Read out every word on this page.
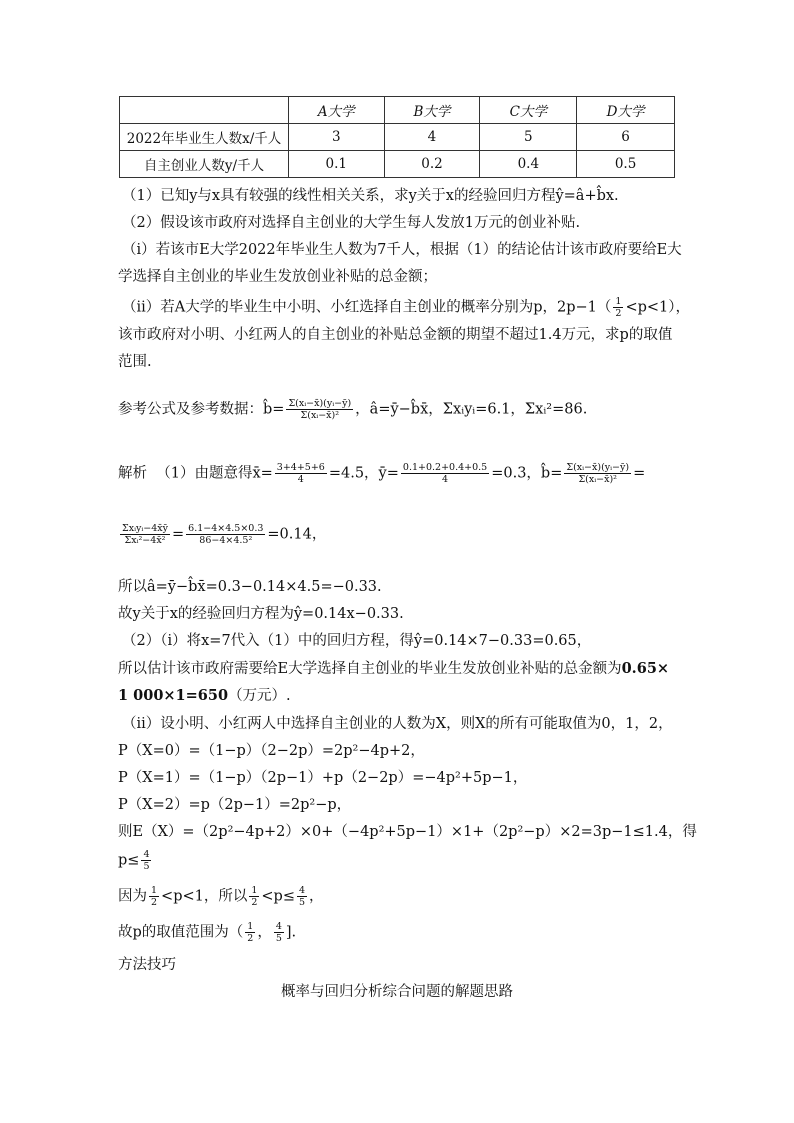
	A大学	B大学	C大学	D大学
2022年毕业生人数x/千人	3	4	5	6
自主创业人数y/千人	0.1	0.2	0.4	0.5
（1）已知y与x具有较强的线性相关关系，求y关于x的经验回归方程ŷ=â+b̂x.
（2）假设该市政府对选择自主创业的大学生每人发放1万元的创业补贴.
（i）若该市E大学2022年毕业生人数为7千人，根据（1）的结论估计该市政府要给E大
学选择自主创业的毕业生发放创业补贴的总金额；
（ii）若A大学的毕业生中小明、小红选择自主创业的概率分别为p，$2p-1( \frac{1}{2} <p<1)$，
该市政府对小明、小红两人的自主创业的补贴总金额的期望不超过1.4万元，求p的取值
范围.
参考公式及参考数据：b̂= $\frac{\text{Σ(xᵢ−x̄)(yᵢ−ȳ)}}{\text{Σ(xᵢ−x̄)²}}$ ，â=ȳ−b̂x̄，Σxᵢyᵢ=6.1，Σxᵢ²=86.
解析 （1）由题意得x̄= $\frac{3+4+5+6}{4} =4.5$，ȳ= $\frac{0.1+0.2+0.4+0.5}{4} =0.3$，b̂= $\frac{\text{Σ(xᵢ−x̄)(yᵢ−ȳ)}}{\text{Σ(xᵢ−x̄)²}}$ =
$\frac{\text{Σxᵢyᵢ−4x̄ȳ}}{\text{Σxᵢ²−4x̄²}} = \frac{6.1-4\times 4.5\times 0.3}{\text{86−4×4.5²}} =0.14$，
所以â=ȳ−b̂x̄=0.3−0.14×4.5=−0.33.
故y关于x的经验回归方程为ŷ=0.14x−0.33.
（2）（i）将x=7代入（1）中的回归方程，得ŷ=0.14×7−0.33=0.65，
所以估计该市政府需要给E大学选择自主创业的毕业生发放创业补贴的总金额为0.65×
1 000×1=650（万元）.
（ii）设小明、小红两人中选择自主创业的人数为X，则X的所有可能取值为0，1，2，
P（X=0）=（1−p）（2−2p）=2p²−4p+2，
P（X=1）=（1−p）（2p−1）+p（2−2p）=−4p²+5p−1，
P（X=2）=p（2p−1）=2p²−p，
则E（X）=（2p²−4p+2）×0+（−4p²+5p−1）×1+（2p²−p）×2=3p−1≤1.4，得
$p\le \frac{4}{5}$
因为 $\frac{1}{2} <p<1$，所以 $\frac{1}{2} <p\le \frac{4}{5}$ ，
故p的取值范围为（ $\frac{1}{2}$ ， $\frac{4}{5}$ ].
方法技巧
概率与回归分析综合问题的解题思路
